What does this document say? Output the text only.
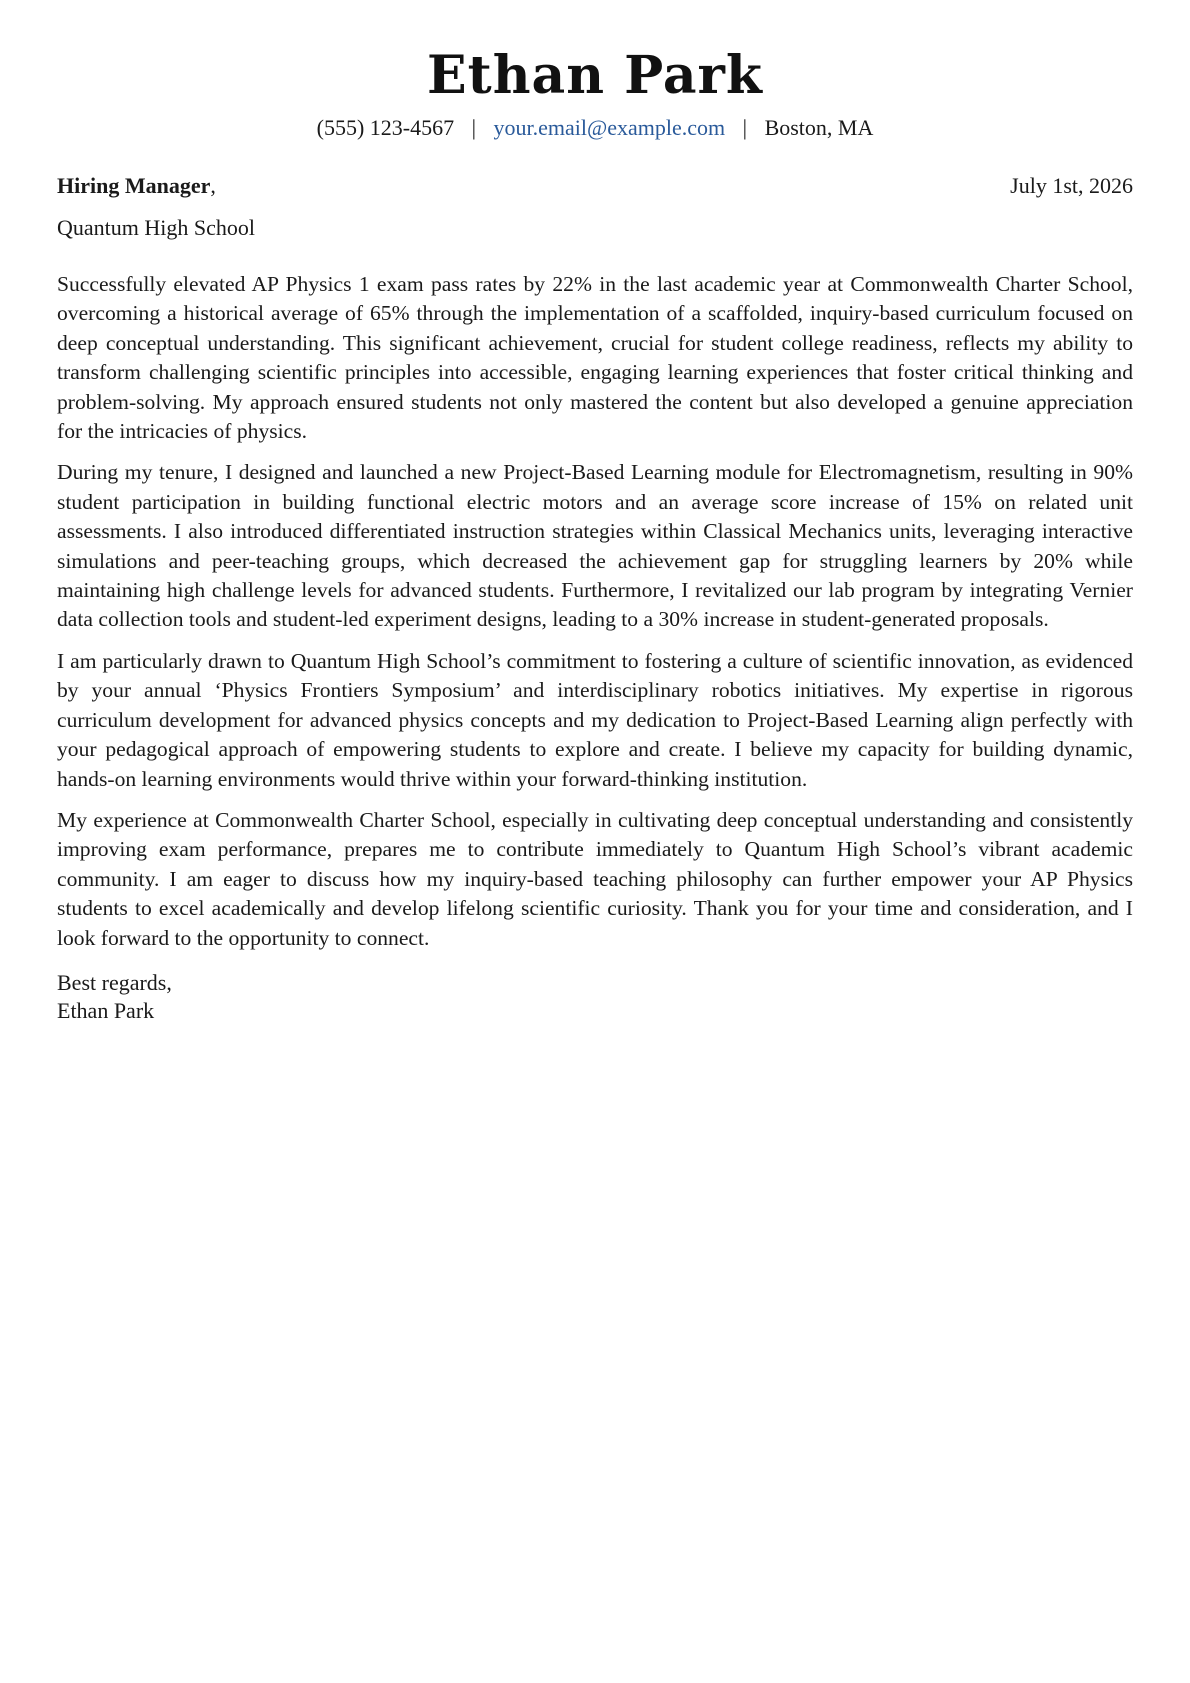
Ethan Park
(555) 123-4567 | your.email@example.com | Boston, MA
Hiring Manager,	July 1st, 2026
Quantum High School

Successfully elevated AP Physics 1 exam pass rates by 22% in the last academic year at Commonwealth Charter School, overcoming a historical average of 65% through the implementation of a scaffolded, inquiry-based curriculum focused on deep conceptual understanding. This significant achievement, crucial for student college readiness, reflects my ability to transform challenging scientific principles into accessible, engaging learning experiences that foster critical thinking and problem-solving. My approach ensured students not only mastered the content but also developed a genuine appreciation for the intricacies of physics.

During my tenure, I designed and launched a new Project-Based Learning module for Electromagnetism, resulting in 90% student participation in building functional electric motors and an average score increase of 15% on related unit assessments. I also introduced differentiated instruction strategies within Classical Mechanics units, leveraging interactive simulations and peer-teaching groups, which decreased the achievement gap for struggling learners by 20% while maintaining high challenge levels for advanced students. Furthermore, I revitalized our lab program by integrating Vernier data collection tools and student-led experiment designs, leading to a 30% increase in student-generated proposals.

I am particularly drawn to Quantum High School’s commitment to fostering a culture of scientific innovation, as evidenced by your annual ‘Physics Frontiers Symposium’ and interdisciplinary robotics initiatives. My expertise in rigorous curriculum development for advanced physics concepts and my dedication to Project-Based Learning align perfectly with your pedagogical approach of empowering students to explore and create. I believe my capacity for building dynamic, hands-on learning environments would thrive within your forward-thinking institution.

My experience at Commonwealth Charter School, especially in cultivating deep conceptual understanding and consistently improving exam performance, prepares me to contribute immediately to Quantum High School’s vibrant academic community. I am eager to discuss how my inquiry-based teaching philosophy can further empower your AP Physics students to excel academically and develop lifelong scientific curiosity. Thank you for your time and consideration, and I look forward to the opportunity to connect.

Best regards,
Ethan Park
